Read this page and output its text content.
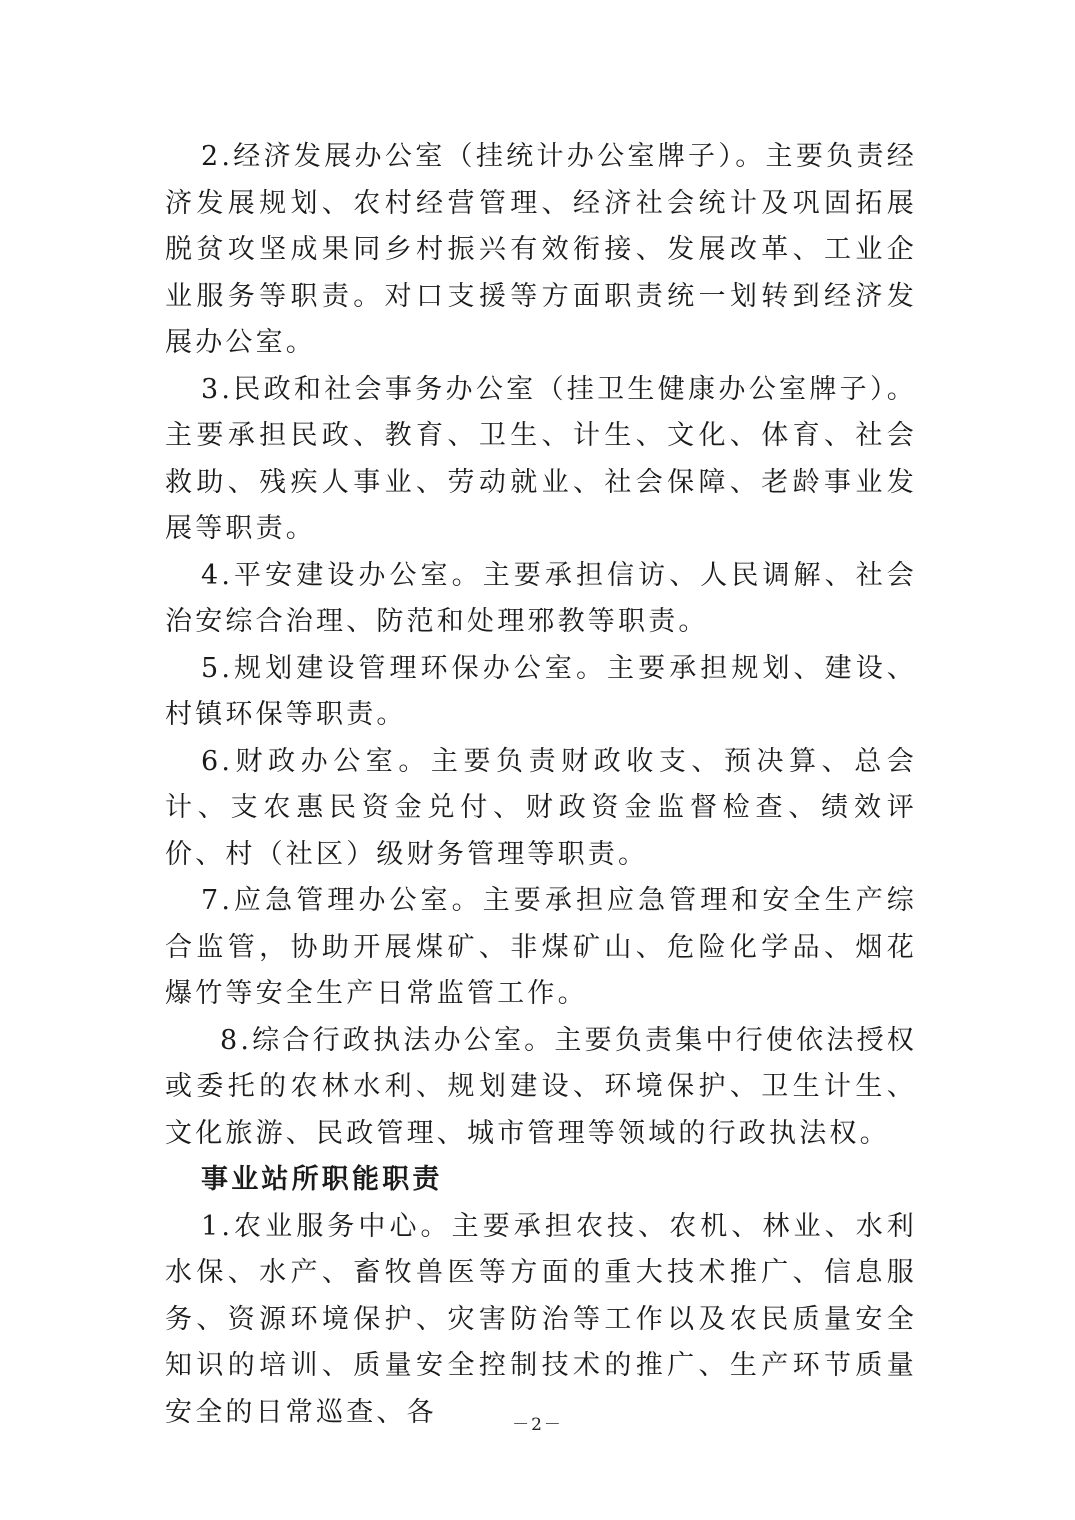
2.经济发展办公室（挂统计办公室牌子）。主要负责经济发展规划、农村经营管理、经济社会统计及巩固拓展脱贫攻坚成果同乡村振兴有效衔接、发展改革、工业企业服务等职责。对口支援等方面职责统一划转到经济发展办公室。

3.民政和社会事务办公室（挂卫生健康办公室牌子）。主要承担民政、教育、卫生、计生、文化、体育、社会救助、残疾人事业、劳动就业、社会保障、老龄事业发展等职责。

4.平安建设办公室。主要承担信访、人民调解、社会治安综合治理、防范和处理邪教等职责。

5.规划建设管理环保办公室。主要承担规划、建设、村镇环保等职责。

6.财政办公室。主要负责财政收支、预决算、总会计、支农惠民资金兑付、财政资金监督检查、绩效评价、村（社区）级财务管理等职责。

7.应急管理办公室。主要承担应急管理和安全生产综合监管，协助开展煤矿、非煤矿山、危险化学品、烟花爆竹等安全生产日常监管工作。

8.综合行政执法办公室。主要负责集中行使依法授权或委托的农林水利、规划建设、环境保护、卫生计生、文化旅游、民政管理、城市管理等领域的行政执法权。

事业站所职能职责

1.农业服务中心。主要承担农技、农机、林业、水利水保、水产、畜牧兽医等方面的重大技术推广、信息服务、资源环境保护、灾害防治等工作以及农民质量安全知识的培训、质量安全控制技术的推广、生产环节质量安全的日常巡查、各	－2－
